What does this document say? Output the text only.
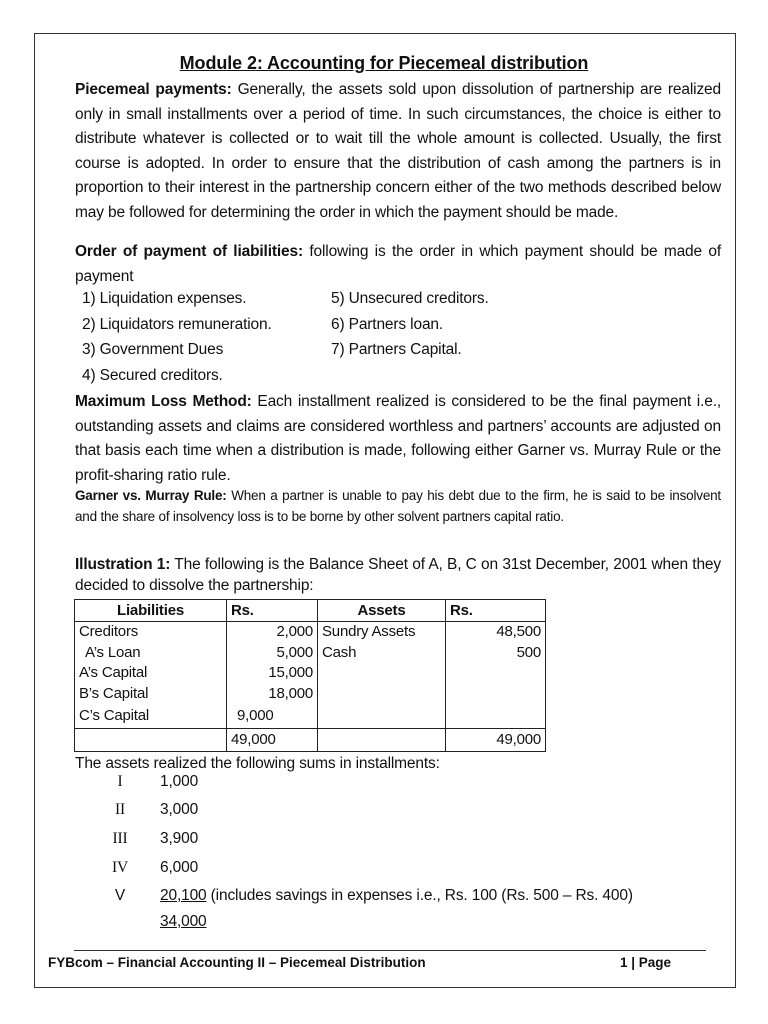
Module 2: Accounting for Piecemeal distribution
Piecemeal payments: Generally, the assets sold upon dissolution of partnership are realized only in small installments over a period of time. In such circumstances, the choice is either to distribute whatever is collected or to wait till the whole amount is collected. Usually, the first course is adopted. In order to ensure that the distribution of cash among the partners is in proportion to their interest in the partnership concern either of the two methods described below may be followed for determining the order in which the payment should be made.
Order of payment of liabilities: following is the order in which payment should be made of payment
1) Liquidation expenses.
2) Liquidators remuneration.
3) Government Dues
4) Secured creditors.
5) Unsecured creditors.
6) Partners loan.
7) Partners Capital.
Maximum Loss Method: Each installment realized is considered to be the final payment i.e., outstanding assets and claims are considered worthless and partners’ accounts are adjusted on that basis each time when a distribution is made, following either Garner vs. Murray Rule or the profit-sharing ratio rule.
Garner vs. Murray Rule: When a partner is unable to pay his debt due to the firm, he is said to be insolvent and the share of insolvency loss is to be borne by other solvent partners capital ratio.
Illustration 1: The following is the Balance Sheet of A, B, C on 31st December, 2001 when they decided to dissolve the partnership:
Liabilities	Rs.	Assets	Rs.
Creditors	2,000	Sundry Assets	48,500
A’s Loan	5,000	Cash	500
A’s Capital	15,000		
B’s Capital	18,000		
C’s Capital	9,000		
	49,000		49,000
The assets realized the following sums in installments:
I	1,000
II	3,000
III	3,900
IV	6,000
V	20,100 (includes savings in expenses i.e., Rs. 100 (Rs. 500 – Rs. 400)
34,000
FYBcom – Financial Accounting II – Piecemeal Distribution	1 | Page
